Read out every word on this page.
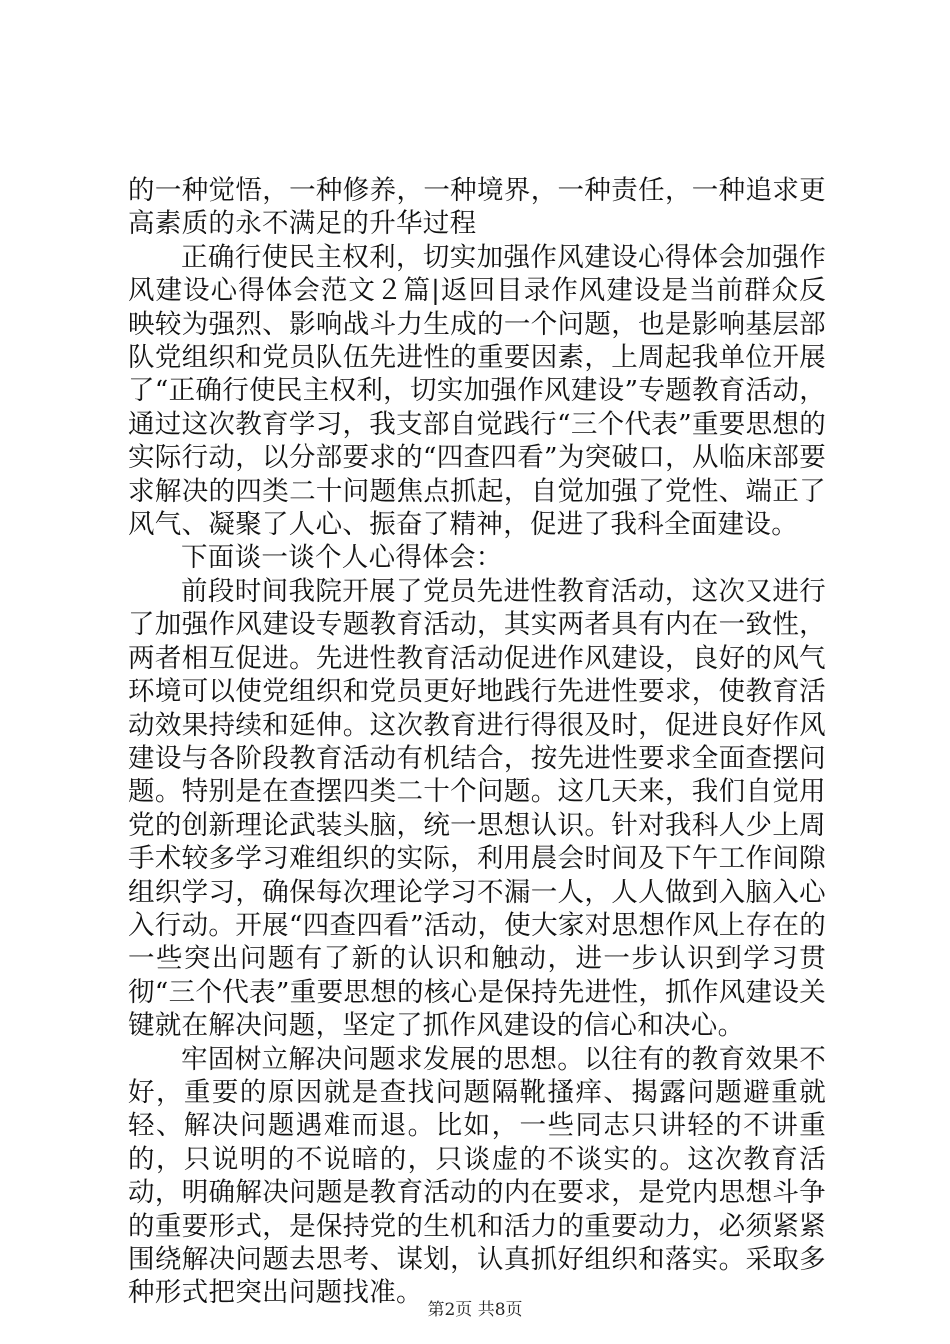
的一种觉悟，一种修养，一种境界，一种责任，一种追求更高素质的永不满足的升华过程

正确行使民主权利，切实加强作风建设心得体会加强作风建设心得体会范文２篇|返回目录作风建设是当前群众反映较为强烈、影响战斗力生成的一个问题，也是影响基层部队党组织和党员队伍先进性的重要因素，上周起我单位开展了“正确行使民主权利，切实加强作风建设”专题教育活动，通过这次教育学习，我支部自觉践行“三个代表”重要思想的实际行动，以分部要求的“四查四看”为突破口，从临床部要求解决的四类二十问题焦点抓起，自觉加强了党性、端正了风气、凝聚了人心、振奋了精神，促进了我科全面建设。

下面谈一谈个人心得体会：

前段时间我院开展了党员先进性教育活动，这次又进行了加强作风建设专题教育活动，其实两者具有内在一致性，两者相互促进。先进性教育活动促进作风建设，良好的风气环境可以使党组织和党员更好地践行先进性要求，使教育活动效果持续和延伸。这次教育进行得很及时，促进良好作风建设与各阶段教育活动有机结合，按先进性要求全面查摆问题。特别是在查摆四类二十个问题。这几天来，我们自觉用党的创新理论武装头脑，统一思想认识。针对我科人少上周手术较多学习难组织的实际，利用晨会时间及下午工作间隙组织学习，确保每次理论学习不漏一人，人人做到入脑入心入行动。开展“四查四看”活动，使大家对思想作风上存在的一些突出问题有了新的认识和触动，进一步认识到学习贯彻“三个代表”重要思想的核心是保持先进性，抓作风建设关键就在解决问题，坚定了抓作风建设的信心和决心。

牢固树立解决问题求发展的思想。以往有的教育效果不好，重要的原因就是查找问题隔靴搔痒、揭露问题避重就轻、解决问题遇难而退。比如，一些同志只讲轻的不讲重的，只说明的不说暗的，只谈虚的不谈实的。这次教育活动，明确解决问题是教育活动的内在要求，是党内思想斗争的重要形式，是保持党的生机和活力的重要动力，必须紧紧围绕解决问题去思考、谋划，认真抓好组织和落实。采取多种形式把突出问题找准。

第2页 共8页
